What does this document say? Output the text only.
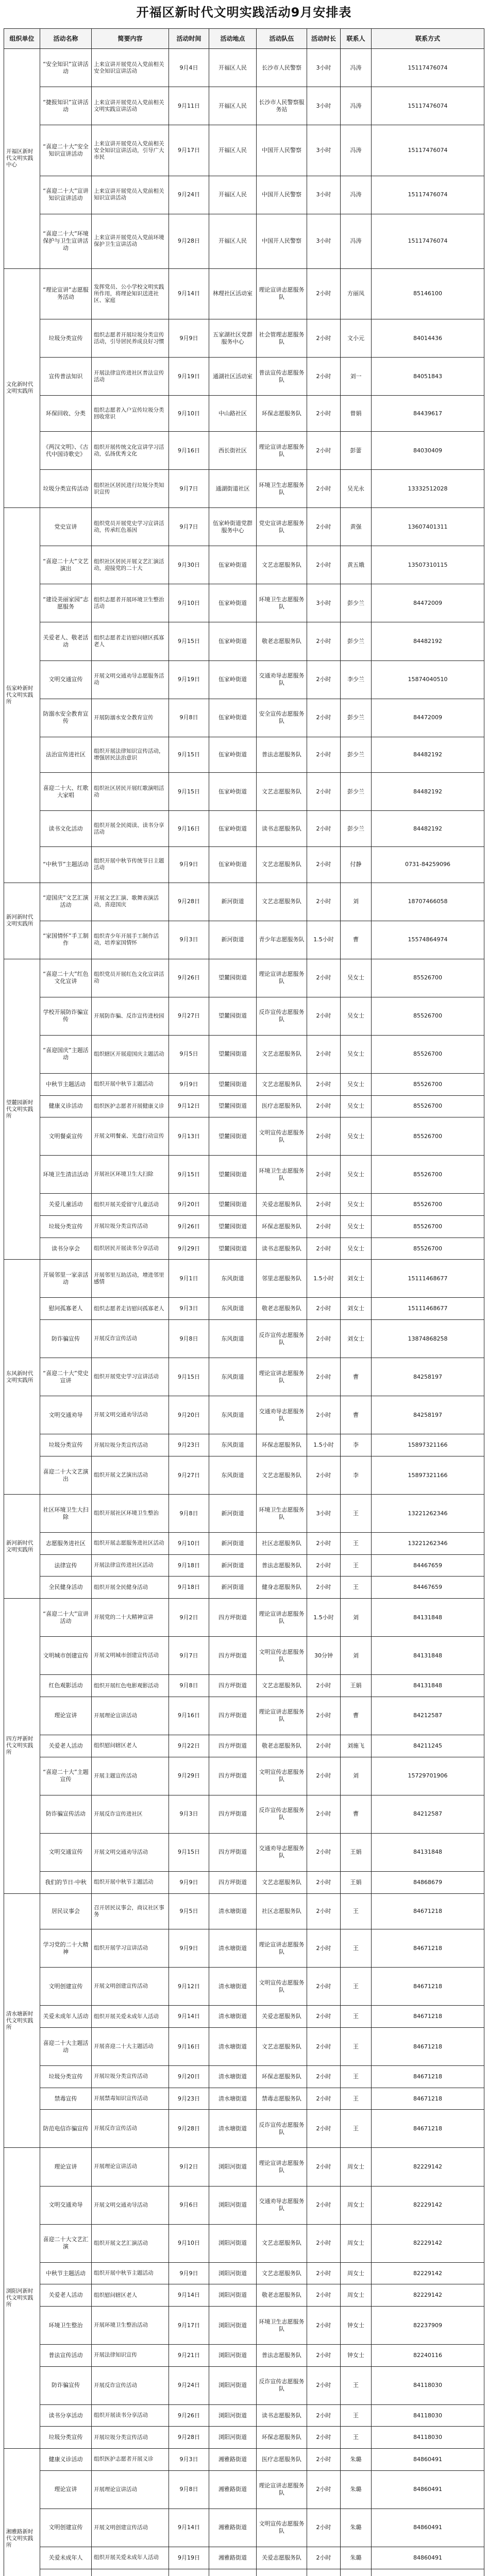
开福区新时代文明实践活动9月安排表
组织单位	活动名称	简要内容	活动时间	活动地点	活动队伍	活动时长	联系人	联系方式
开福区新时代文明实践中心	“安全知识”宣讲活动	上来宣讲开展党员入党前相关安全知识宣讲活动	9月4日	开福区人民	长沙市人民警察	3小时	冯涛	15117476074
	“捷报知识”宣讲活动	上来宣讲开展党员入党前相关文明实践宣讲活动	9月11日	开福区人民	长沙市人民警察服务站	3小时	冯涛	15117476074
	“喜迎二十大”安全知识宣讲活动	上来宣讲开展党员入党前相关安全知识宣讲活动，引导广大市民	9月17日	开福区人民	中国开人民警察	3小时	冯涛	15117476074
	“喜迎二十大”宣讲知识宣讲活动	上来宣讲开展党员入党前相关知识宣讲活动	9月24日	开福区人民	中国开人民警察	3小时	冯涛	15117476074
	“喜迎二十大”环境保护与卫生宣讲活动	上来宣讲开展党员入党前环境保护卫生宣讲活动	9月28日	开福区人民	中国开人民警察	3小时	冯涛	15117476074
文化新时代文明实践所	“理论宣讲”志愿服务活动	发挥党员、公小学校文明实践所作用，将理论知识送进社区、家庭	9月14日	林理社区活动室	理论宣讲志愿服务队	2小时	方丽凤	85146100
	垃圾分类宣传	组织志愿者开展垃圾分类宣传活动，引导居民养成良好习惯	9月9日	五家湖社区党群服务中心	社会管理志愿服务队	2小时	文小元	84014436
	宣传普法知识	开展法律宣传进社区普法宣传活动	9月19日	通湖社区活动室	普法宣传志愿服务队	2小时	刘一	84051843
	环保回收、分类	组织志愿者入户宣传垃圾分类回收常识	9月10日	中山路社区	环保志愿服务队	2小时	曾娟	84439617
	《两汉文明》、《古代中国诗歌史》	组织开展传统文化宣讲学习活动，弘扬优秀文化	9月16日	西长街社区	理论宣讲志愿服务队	2小时	彭蕾	84030409
	垃圾分类宣传活动	组织社区居民进行垃圾分类知识宣传	9月7日	通湖街道社区	环境卫生志愿服务队	2小时	吴光永	13332512028
伍家岭新时代文明实践所	党史宣讲	组织党员开展党史学习宣讲活动，传承红色基因	9月7日	伍家岭街道党群服务中心	党史宣讲志愿服务队	2小时	黄强	13607401311
	“喜迎二十大”文艺演出	组织社区居民开展文艺汇演活动，迎接党的二十大	9月30日	伍家岭街道	文艺志愿服务队	2小时	黄五娥	13507310115
	“建设美丽家园”志愿服务	组织志愿者开展环境卫生整治活动	9月10日	伍家岭街道	环境卫生志愿服务队	3小时	彭少兰	84472009
	关爱老人、敬老活动	组织志愿者走访慰问辖区孤寡老人	9月15日	伍家岭街道	敬老志愿服务队	2小时	彭少兰	84482192
	文明交通宣传	开展文明交通劝导志愿服务活动	9月19日	伍家岭街道	交通劝导志愿服务队	2小时	李少兰	15874040510
	防溺水安全教育宣传	开展防溺水安全教育宣传	9月8日	伍家岭街道	安全宣传志愿服务队	2小时	彭少兰	84472009
	法治宣传进社区	组织开展法律知识宣传活动，增强居民法治意识	9月15日	伍家岭街道	普法志愿服务队	2小时	彭少兰	84482192
	喜迎二十大、红歌大家唱	组织社区居民开展红歌演唱活动	9月15日	伍家岭街道	文艺志愿服务队	2小时	彭少兰	84482192
	读书文化活动	组织开展全民阅读、读书分享活动	9月16日	伍家岭街道	读书志愿服务队	2小时	彭少兰	84482192
	“中秋节”主题活动	组织开展中秋节传统节日主题活动	9月9日	伍家岭街道	文艺志愿服务队	2小时	付静	0731-84259096
新河新时代文明实践所	“迎国庆”文艺汇演活动	开展文艺汇演、歌舞表演活动，喜迎国庆	9月28日	新河街道	文艺志愿服务队	2小时	刘	18707466058
	“家国情怀”手工制作	组织青少年开展手工制作活动，培养家国情怀	9月3日	新河街道	青少年志愿服务队	1.5小时	曹	15574864974
望麓园新时代文明实践所	“喜迎二十大”红色文化宣讲	组织党员开展红色文化宣讲活动	9月26日	望麓园街道	理论宣讲志愿服务队	2小时	吴女士	85526700
	学校开展防诈骗宣传	开展防诈骗、反诈宣传进校园	9月27日	望麓园街道	反诈宣传志愿服务队	2小时	吴女士	85526700
	“喜迎国庆”主题活动	组织辖区开展迎国庆主题活动	9月5日	望麓园街道	文艺志愿服务队	2小时	吴女士	85526700
	中秋节主题活动	组织开展中秋节主题活动	9月9日	望麓园街道	文艺志愿服务队	2小时	吴女士	85526700
	健康义诊活动	组织医护志愿者开展健康义诊	9月12日	望麓园街道	医疗志愿服务队	2小时	吴女士	85526700
	文明餐桌宣传	开展文明餐桌、光盘行动宣传	9月13日	望麓园街道	文明宣传志愿服务队	2小时	吴女士	85526700
	环境卫生清洁活动	开展社区环境卫生大扫除	9月15日	望麓园街道	环境卫生志愿服务队	2小时	吴女士	85526700
	关爱儿童活动	组织开展关爱留守儿童活动	9月20日	望麓园街道	关爱志愿服务队	2小时	吴女士	85526700
	垃圾分类宣传	开展垃圾分类宣传活动	9月26日	望麓园街道	环保志愿服务队	2小时	吴女士	85526700
	读书分享会	组织居民开展读书分享活动	9月29日	望麓园街道	读书志愿服务队	2小时	吴女士	85526700
东风新时代文明实践所	开展邻里一家亲活动	开展邻里互助活动，增进邻里感情	9月1日	东风街道	邻里志愿服务队	1.5小时	刘女士	15111468677
	慰问孤寡老人	组织志愿者走访慰问孤寡老人	9月3日	东风街道	敬老志愿服务队	2小时	刘女士	15111468677
	防诈骗宣传	开展反诈宣传活动	9月8日	东风街道	反诈宣传志愿服务队	2小时	刘女士	13874868258
	“喜迎二十大”党史宣讲	组织开展党史学习宣讲活动	9月15日	东风街道	理论宣讲志愿服务队	2小时	曹	84258197
	文明交通劝导	开展文明交通劝导活动	9月20日	东风街道	交通劝导志愿服务队	2小时	曹	84258197
	垃圾分类宣传	开展垃圾分类宣传活动	9月23日	东风街道	环保志愿服务队	1.5小时	李	15897321166
	喜迎二十大文艺演出	组织开展文艺演出活动	9月27日	东风街道	文艺志愿服务队	2小时	李	15897321166
新河新时代文明实践所	社区环境卫生大扫除	组织开展社区环境卫生整治	9月8日	新河街道	环境卫生志愿服务队	3小时	王	13221262346
	志愿服务进社区	组织开展志愿服务进社区活动	9月10日	新河街道	社区志愿服务队	2小时	王	13221262346
	法律宣传	开展法律宣传进社区活动	9月18日	新河街道	普法志愿服务队	2小时	王	84467659
	全民健身活动	组织开展全民健身活动	9月18日	新河街道	健身志愿服务队	2小时	王	84467659
四方坪新时代文明实践所	“喜迎二十大”宣讲活动	开展党的二十大精神宣讲	9月2日	四方坪街道	理论宣讲志愿服务队	1.5小时	刘	84131848
	文明城市创建宣传	开展文明城市创建宣传活动	9月7日	四方坪街道	文明宣传志愿服务队	30分钟	刘	84131848
	红色观影活动	组织开展红色电影观影活动	9月8日	四方坪街道	文艺志愿服务队	2小时	王娟	84131848
	理论宣讲	开展理论宣讲活动	9月16日	四方坪街道	理论宣讲志愿服务队	2小时	曹	84212587
	关爱老人活动	组织慰问辖区老人	9月22日	四方坪街道	敬老志愿服务队	2小时	刘施飞	84211245
	“喜迎二十大”主题宣传	开展主题宣传活动	9月29日	四方坪街道	文明宣传志愿服务队	2小时	刘	15729701906
	防诈骗宣传活动	开展反诈宣传进社区	9月3日	四方坪街道	反诈宣传志愿服务队	2小时	曹	84212587
	文明交通宣传	开展文明交通劝导活动	9月15日	四方坪街道	交通劝导志愿服务队	2小时	王娟	84131848
	我们的节日·中秋	组织开展中秋节主题活动	9月9日	四方坪街道	文艺志愿服务队	2小时	王娟	84868679
清水塘新时代文明实践所	居民议事会	召开居民议事会，商议社区事务	9月5日	清水塘街道	社区志愿服务队	2小时	王	84671218
	学习党的二十大精神	组织开展学习宣讲活动	9月9日	清水塘街道	理论宣讲志愿服务队	2小时	王	84671218
	文明创建宣传	开展文明创建宣传活动	9月12日	清水塘街道	文明宣传志愿服务队	2小时	王	84671218
	关爱未成年人活动	组织开展关爱未成年人活动	9月14日	清水塘街道	关爱志愿服务队	2小时	王	84671218
	喜迎二十大主题活动	开展喜迎二十大主题活动	9月16日	清水塘街道	文艺志愿服务队	2小时	王	84671218
	垃圾分类宣传	开展垃圾分类宣传活动	9月20日	清水塘街道	环保志愿服务队	2小时	王	84671218
	禁毒宣传	开展禁毒知识宣传活动	9月23日	清水塘街道	禁毒志愿服务队	2小时	王	84671218
	防范电信诈骗宣传	开展反诈宣传活动	9月28日	清水塘街道	反诈宣传志愿服务队	2小时	王	84671218
浏阳河新时代文明实践所	理论宣讲	开展理论宣讲活动	9月2日	浏阳河街道	理论宣讲志愿服务队	2小时	周女士	82229142
	文明交通劝导	开展文明交通劝导活动	9月6日	浏阳河街道	交通劝导志愿服务队	2小时	周女士	82229142
	喜迎二十大文艺汇演	组织开展文艺汇演活动	9月10日	浏阳河街道	文艺志愿服务队	2小时	周女士	82229142
	中秋节主题活动	组织开展中秋节主题活动	9月9日	浏阳河街道	文艺志愿服务队	2小时	周女士	82229142
	关爱老人活动	组织慰问辖区老人	9月14日	浏阳河街道	敬老志愿服务队	2小时	周女士	82229142
	环境卫生整治	开展环境卫生整治活动	9月17日	浏阳河街道	环境卫生志愿服务队	2小时	钟女士	82237909
	普法宣传活动	开展法律知识宣传	9月21日	浏阳河街道	普法志愿服务队	2小时	钟女士	82240116
	防诈骗宣传	开展反诈宣传活动	9月24日	浏阳河街道	反诈宣传志愿服务队	2小时	王	84118030
	读书分享活动	组织开展读书分享活动	9月26日	浏阳河街道	读书志愿服务队	2小时	王	84118030
	垃圾分类宣传	开展垃圾分类宣传活动	9月28日	浏阳河街道	环保志愿服务队	2小时	王	84118030
湘雅路新时代文明实践所	健康义诊活动	组织医护志愿者开展义诊	9月3日	湘雅路街道	医疗志愿服务队	2小时	朱璐	84860491
	理论宣讲	开展理论宣讲活动	9月8日	湘雅路街道	理论宣讲志愿服务队	2小时	朱璐	84860491
	文明创建宣传	开展文明创建宣传活动	9月14日	湘雅路街道	文明宣传志愿服务队	2小时	朱璐	84860491
	关爱未成年人	组织开展关爱未成年人活动	9月19日	湘雅路街道	关爱志愿服务队	2小时	朱璐	84860491
